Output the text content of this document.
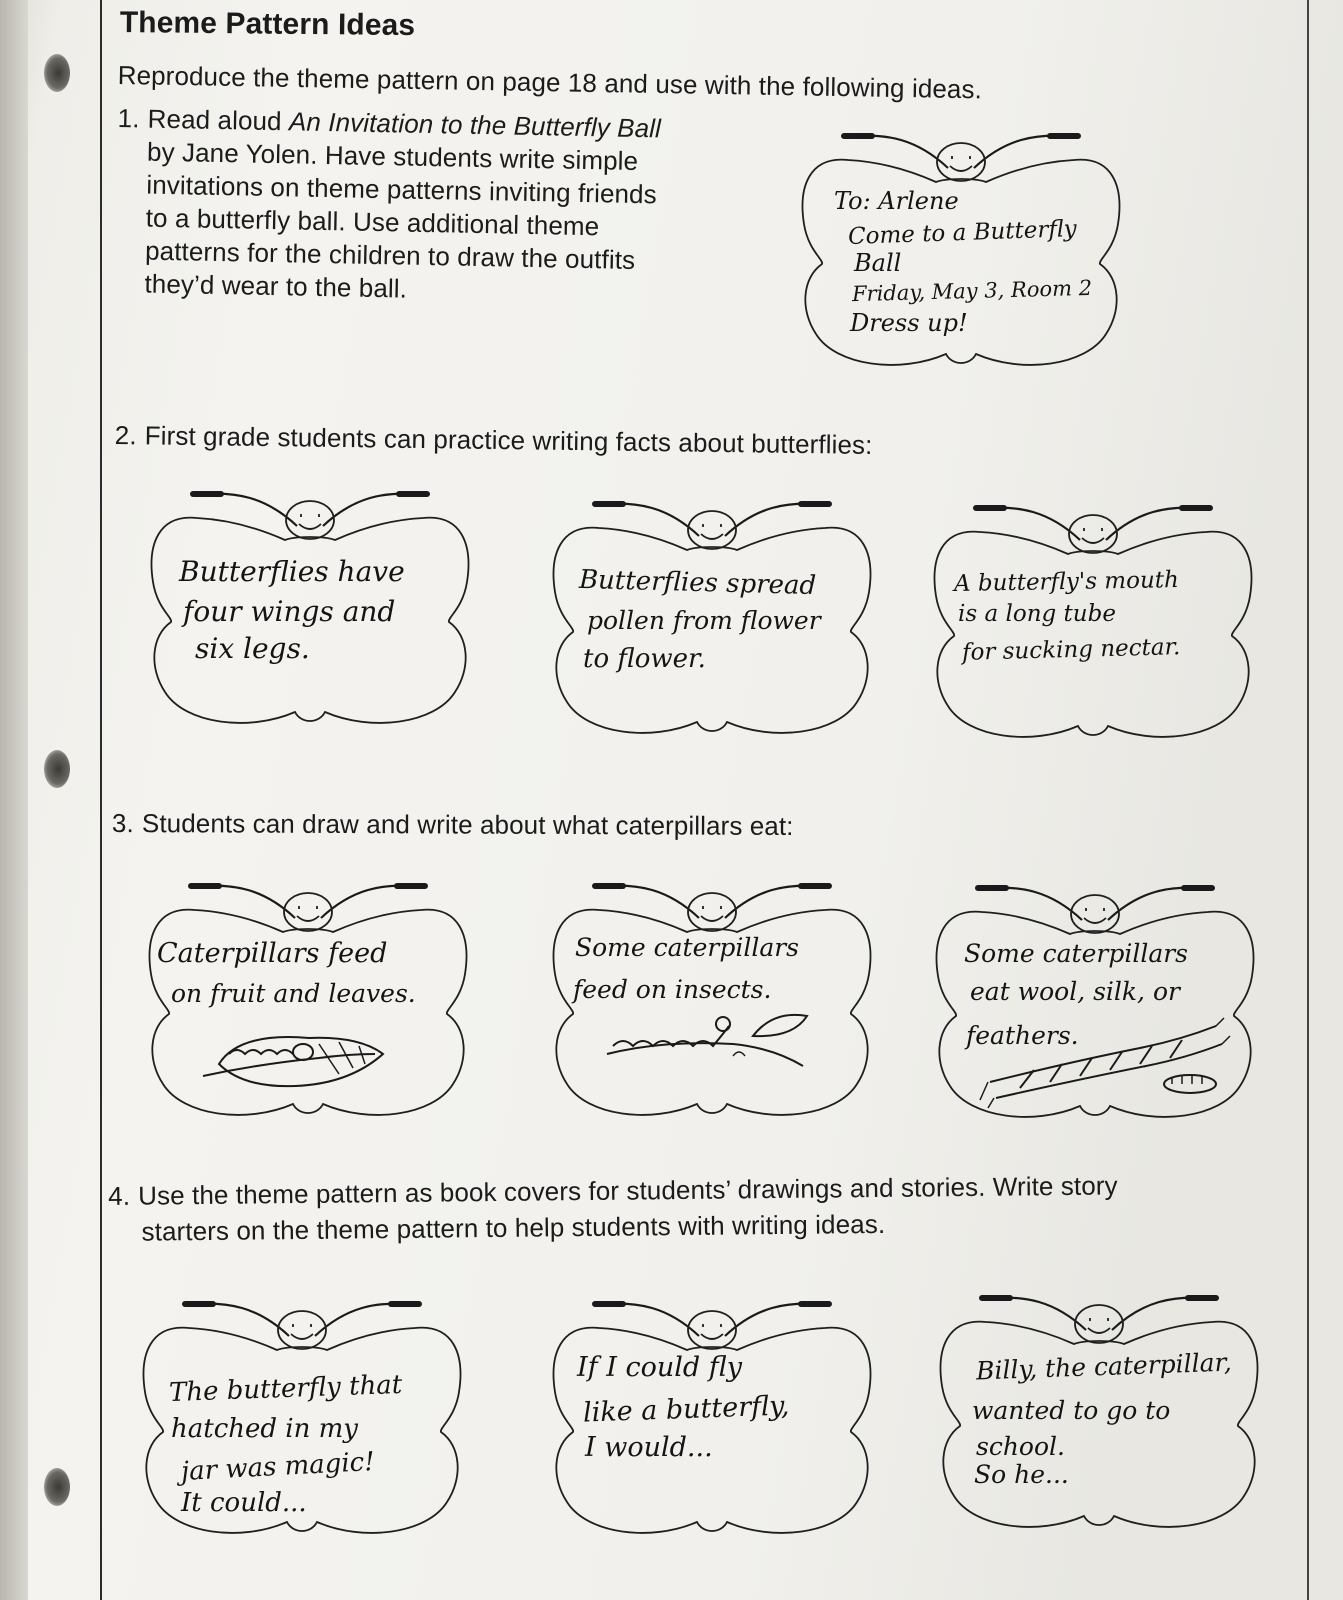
Theme Pattern Ideas
Reproduce the theme pattern on page 18 and use with the following ideas.
1. Read aloud An Invitation to the Butterfly Ball
by Jane Yolen. Have students write simple
invitations on theme patterns inviting friends
to a butterfly ball. Use additional theme
patterns for the children to draw the outfits
they’d wear to the ball.
2. First grade students can practice writing facts about butterflies:
3. Students can draw and write about what caterpillars eat:
4. Use the theme pattern as book covers for students’ drawings and stories. Write story
starters on the theme pattern to help students with writing ideas.
To: Arlene
Come to a Butterfly
Ball
Friday, May 3, Room 2
Dress up!
Butterflies have
four wings and
six legs.
Butterflies spread
pollen from flower
to flower.
A butterfly's mouth
is a long tube
for sucking nectar.
Caterpillars feed
on fruit and leaves.
Some caterpillars
feed on insects.
Some caterpillars
eat wool, silk, or
feathers.
The butterfly that
hatched in my
jar was magic!
It could...
If I could fly
like a butterfly,
I would...
Billy, the caterpillar,
wanted to go to
school.
So he...
